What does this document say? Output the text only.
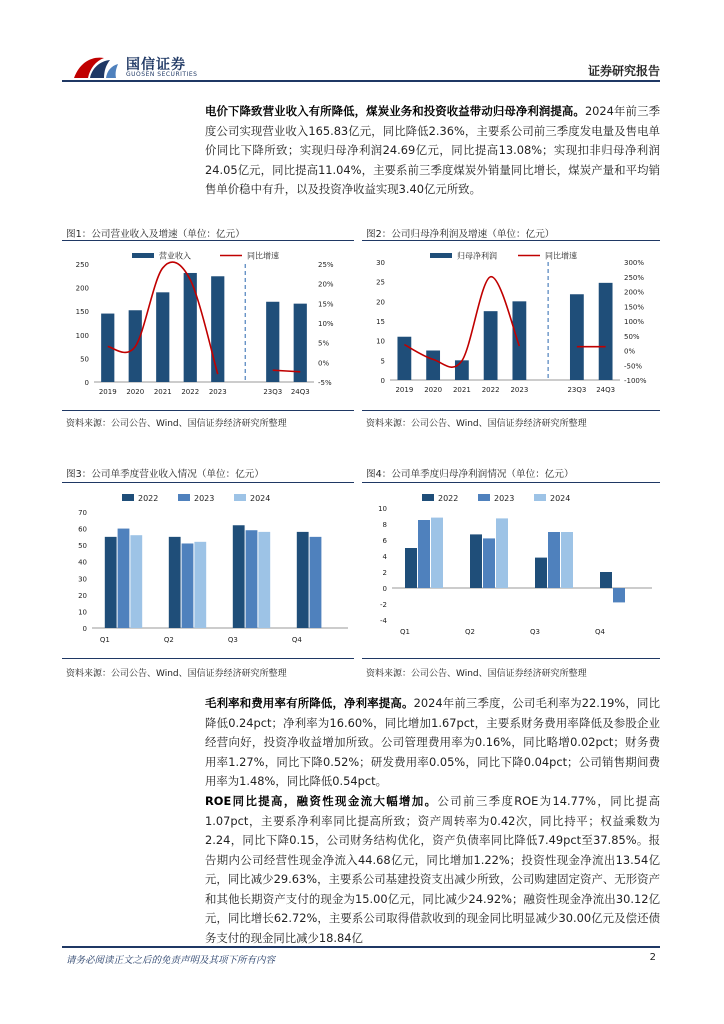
国信证券
GUOSEN SECURITIES	证券研究报告
电价下降致营业收入有所降低，煤炭业务和投资收益带动归母净利润提高。2024年前三季度公司实现营业收入165.83亿元，同比降低2.36%，主要系公司前三季度发电量及售电单价同比下降所致；实现归母净利润24.69亿元，同比提高13.08%；实现扣非归母净利润24.05亿元，同比提高11.04%，主要系前三季度煤炭外销量同比增长，煤炭产量和平均销售单价稳中有升，以及投资净收益实现3.40亿元所致。
图1：公司营业收入及增速（单位：亿元）
营业收入	同比增速
0
50
100
150
200
250
-5%
0%
5%
10%
15%
20%
25%
2019 2020 2021 2022 2023	23Q3 24Q3
资料来源：公司公告、Wind、国信证券经济研究所整理
图2：公司归母净利润及增速（单位：亿元）
归母净利润	同比增速
0
5
10
15
20
25
30
-100%
-50%
0%
50%
100%
150%
200%
250%
300%
2019 2020 2021 2022 2023	23Q3 24Q3
资料来源：公司公告、Wind、国信证券经济研究所整理
图3：公司单季度营业收入情况（单位：亿元）
2022	2023	2024
0
10
20
30
40
50
60
70
Q1	Q2	Q3	Q4
资料来源：公司公告、Wind、国信证券经济研究所整理
图4：公司单季度归母净利润情况（单位：亿元）
2022	2023	2024
-4
-2
0
2
4
6
8
10
Q1	Q2	Q3	Q4
资料来源：公司公告、Wind、国信证券经济研究所整理
毛利率和费用率有所降低，净利率提高。2024年前三季度，公司毛利率为22.19%，同比降低0.24pct；净利率为16.60%，同比增加1.67pct，主要系财务费用率降低及参股企业经营向好，投资净收益增加所致。公司管理费用率为0.16%，同比略增0.02pct；财务费用率1.27%，同比下降0.52%；研发费用率0.05%，同比下降0.04pct；公司销售期间费用率为1.48%，同比降低0.54pct。
ROE同比提高，融资性现金流大幅增加。公司前三季度ROE为14.77%，同比提高1.07pct，主要系净利率同比提高所致；资产周转率为0.42次，同比持平；权益乘数为2.24，同比下降0.15，公司财务结构优化，资产负债率同比降低7.49pct至37.85%。报告期内公司经营性现金净流入44.68亿元，同比增加1.22%；投资性现金净流出13.54亿元，同比减少29.63%，主要系公司基建投资支出减少所致，公司购建固定资产、无形资产和其他长期资产支付的现金为15.00亿元，同比减少24.92%；融资性现金净流出30.12亿元，同比增长62.72%，主要系公司取得借款收到的现金同比明显减少30.00亿元及偿还债务支付的现金同比减少18.84亿
请务必阅读正文之后的免责声明及其项下所有内容	2
